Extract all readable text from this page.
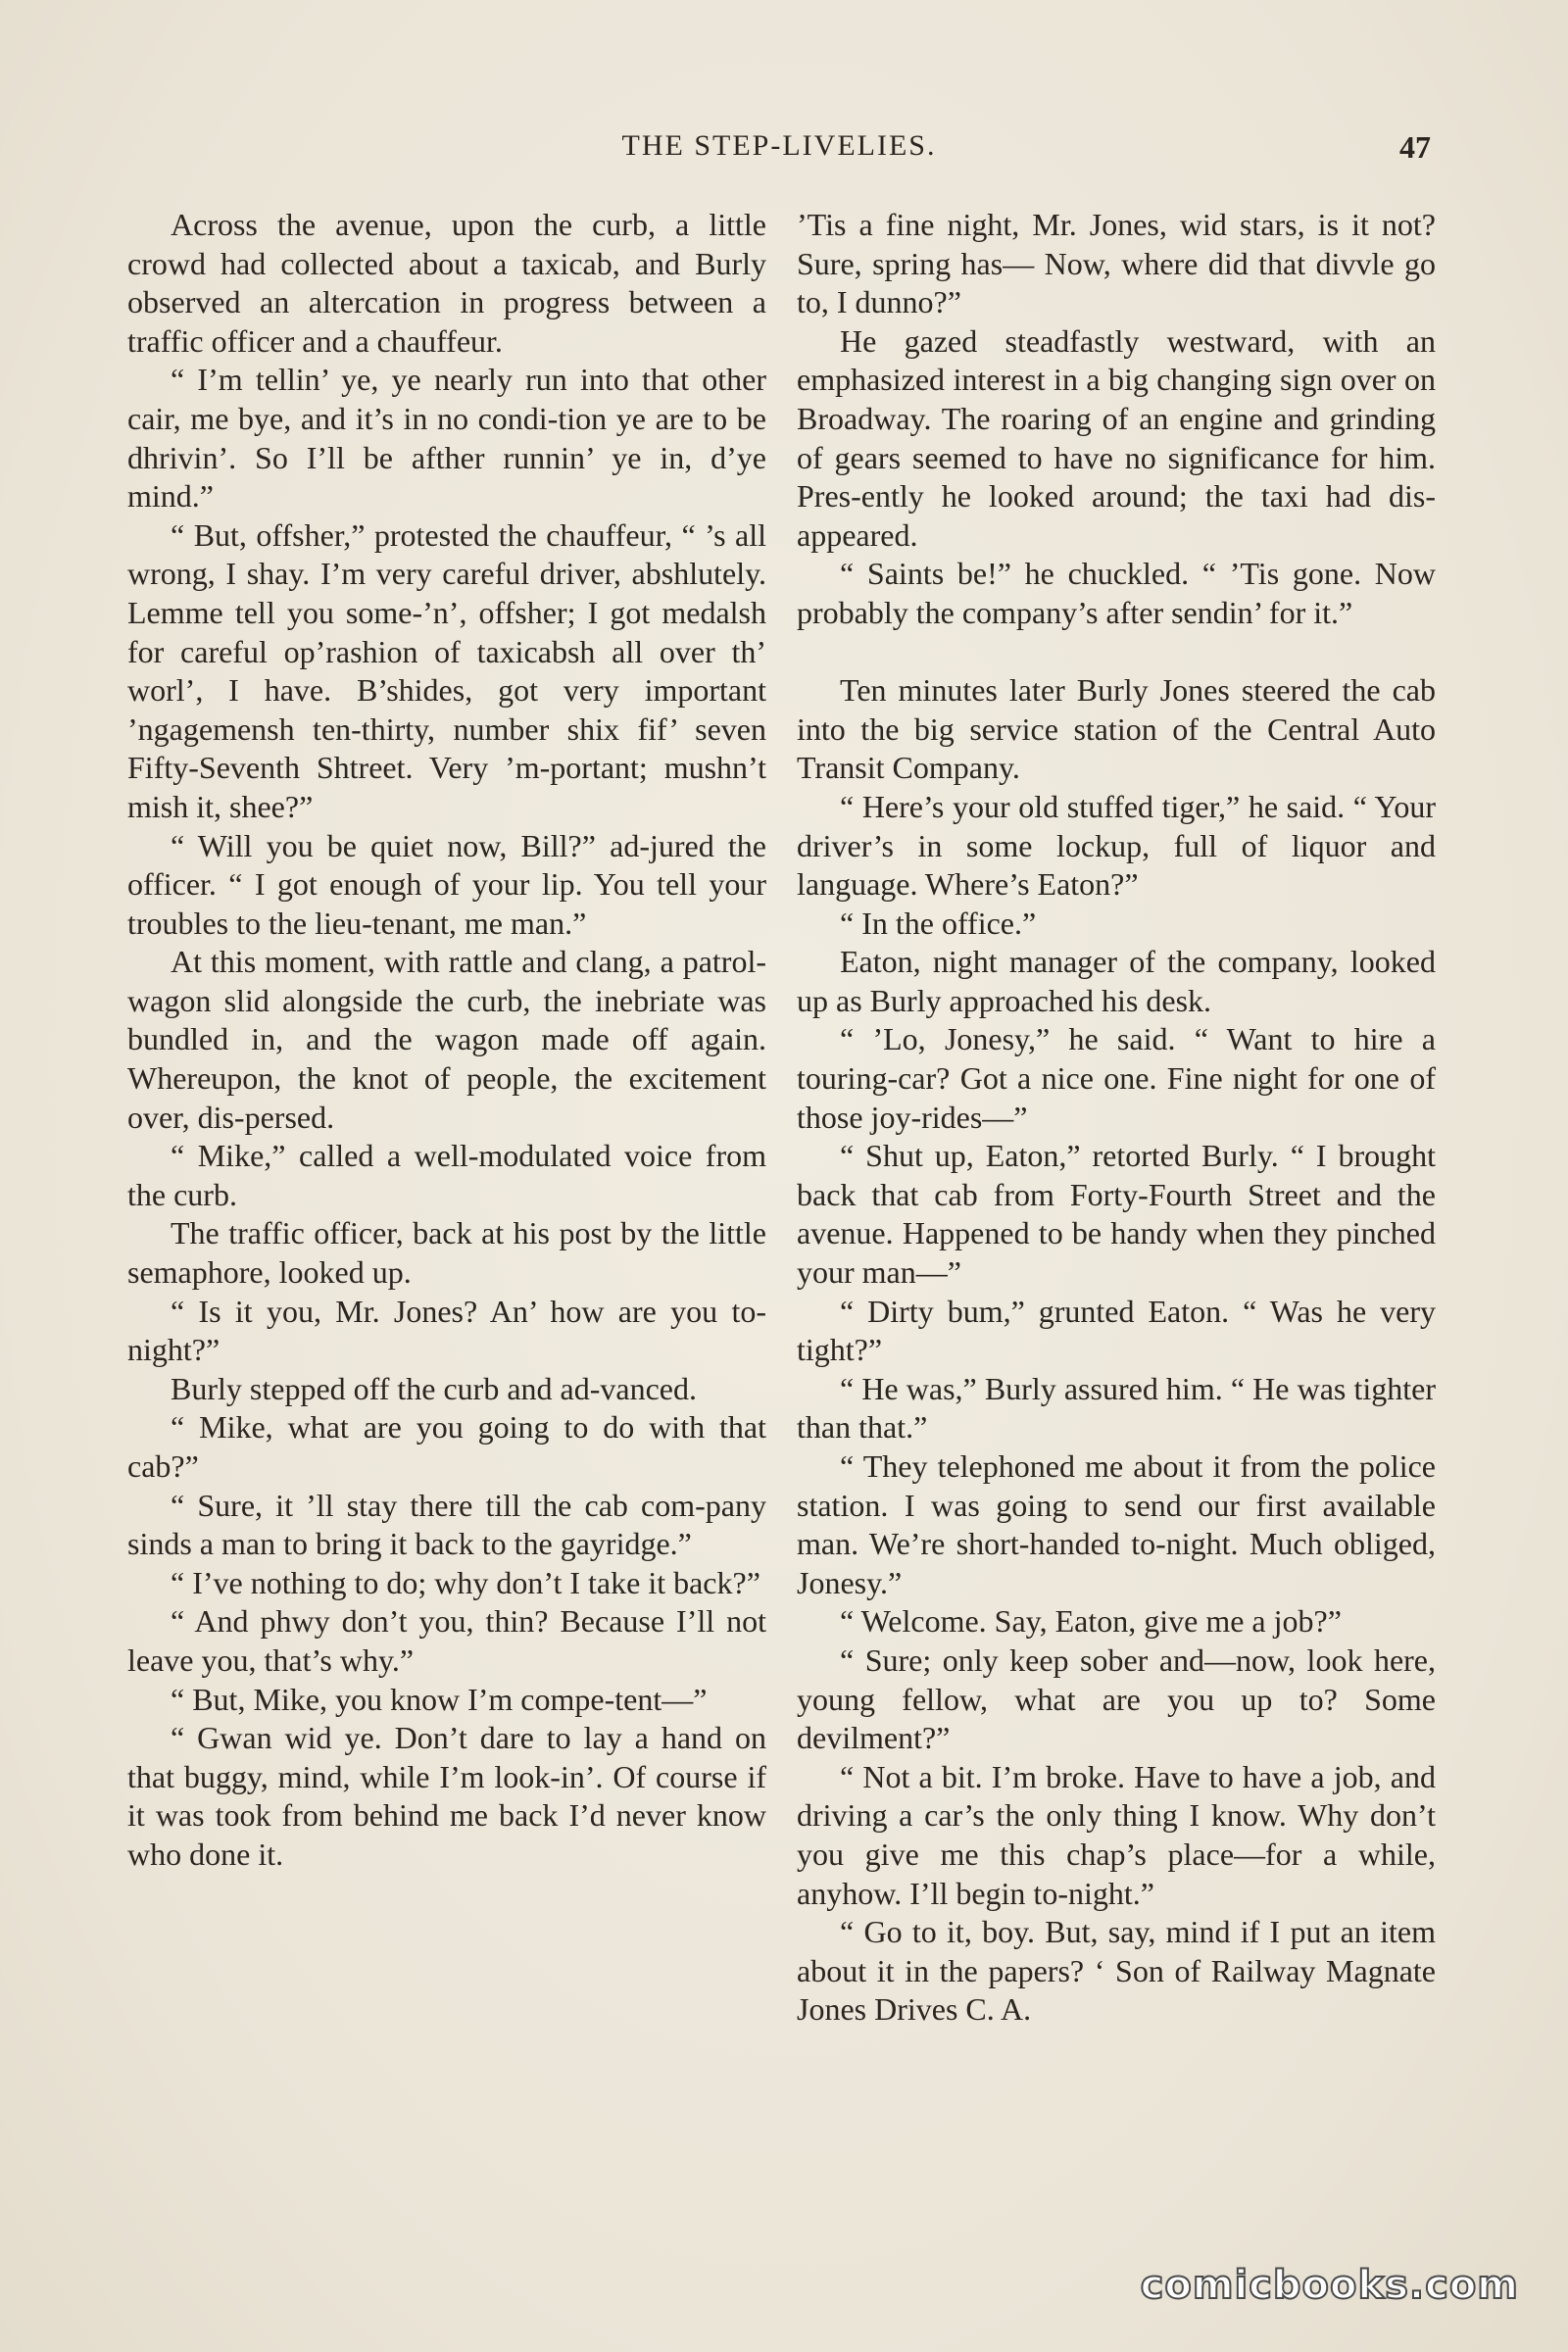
THE STEP-LIVELIES.	47

Across the avenue, upon the curb, a little crowd had collected about a taxicab, and Burly observed an altercation in progress between a traffic officer and a chauffeur.

“ I’m tellin’ ye, ye nearly run into that other cair, me bye, and it’s in no condi-tion ye are to be dhrivin’. So I’ll be afther runnin’ ye in, d’ye mind.”

“ But, offsher,” protested the chauffeur, “ ’s all wrong, I shay. I’m very careful driver, abshlutely. Lemme tell you some-’n’, offsher; I got medalsh for careful op’rashion of taxicabsh all over th’ worl’, I have. B’shides, got very important ’ngagemensh ten-thirty, number shix fif’ seven Fifty-Seventh Shtreet. Very ’m-portant; mushn’t mish it, shee?”

“ Will you be quiet now, Bill?” ad-jured the officer. “ I got enough of your lip. You tell your troubles to the lieu-tenant, me man.”

At this moment, with rattle and clang, a patrol-wagon slid alongside the curb, the inebriate was bundled in, and the wagon made off again. Whereupon, the knot of people, the excitement over, dis-persed.

“ Mike,” called a well-modulated voice from the curb.

The traffic officer, back at his post by the little semaphore, looked up.

“ Is it you, Mr. Jones? An’ how are you to-night?”

Burly stepped off the curb and ad-vanced.

“ Mike, what are you going to do with that cab?”

“ Sure, it ’ll stay there till the cab com-pany sinds a man to bring it back to the gayridge.”

“ I’ve nothing to do; why don’t I take it back?”

“ And phwy don’t you, thin? Because I’ll not leave you, that’s why.”

“ But, Mike, you know I’m compe-tent—”

“ Gwan wid ye. Don’t dare to lay a hand on that buggy, mind, while I’m look-in’. Of course if it was took from behind me back I’d never know who done it.

’Tis a fine night, Mr. Jones, wid stars, is it not? Sure, spring has— Now, where did that divvle go to, I dunno?”

He gazed steadfastly westward, with an emphasized interest in a big changing sign over on Broadway. The roaring of an engine and grinding of gears seemed to have no significance for him. Pres-ently he looked around; the taxi had dis-appeared.

“ Saints be!” he chuckled. “ ’Tis gone. Now probably the company’s after sendin’ for it.”

Ten minutes later Burly Jones steered the cab into the big service station of the Central Auto Transit Company.

“ Here’s your old stuffed tiger,” he said. “ Your driver’s in some lockup, full of liquor and language. Where’s Eaton?”

“ In the office.”

Eaton, night manager of the company, looked up as Burly approached his desk.

“ ’Lo, Jonesy,” he said. “ Want to hire a touring-car? Got a nice one. Fine night for one of those joy-rides—”

“ Shut up, Eaton,” retorted Burly. “ I brought back that cab from Forty-Fourth Street and the avenue. Happened to be handy when they pinched your man—”

“ Dirty bum,” grunted Eaton. “ Was he very tight?”

“ He was,” Burly assured him. “ He was tighter than that.”

“ They telephoned me about it from the police station. I was going to send our first available man. We’re short-handed to-night. Much obliged, Jonesy.”

“ Welcome. Say, Eaton, give me a job?”

“ Sure; only keep sober and—now, look here, young fellow, what are you up to? Some devilment?”

“ Not a bit. I’m broke. Have to have a job, and driving a car’s the only thing I know. Why don’t you give me this chap’s place—for a while, anyhow. I’ll begin to-night.”

“ Go to it, boy. But, say, mind if I put an item about it in the papers? ‘ Son of Railway Magnate Jones Drives C. A.

comicbooks.com
